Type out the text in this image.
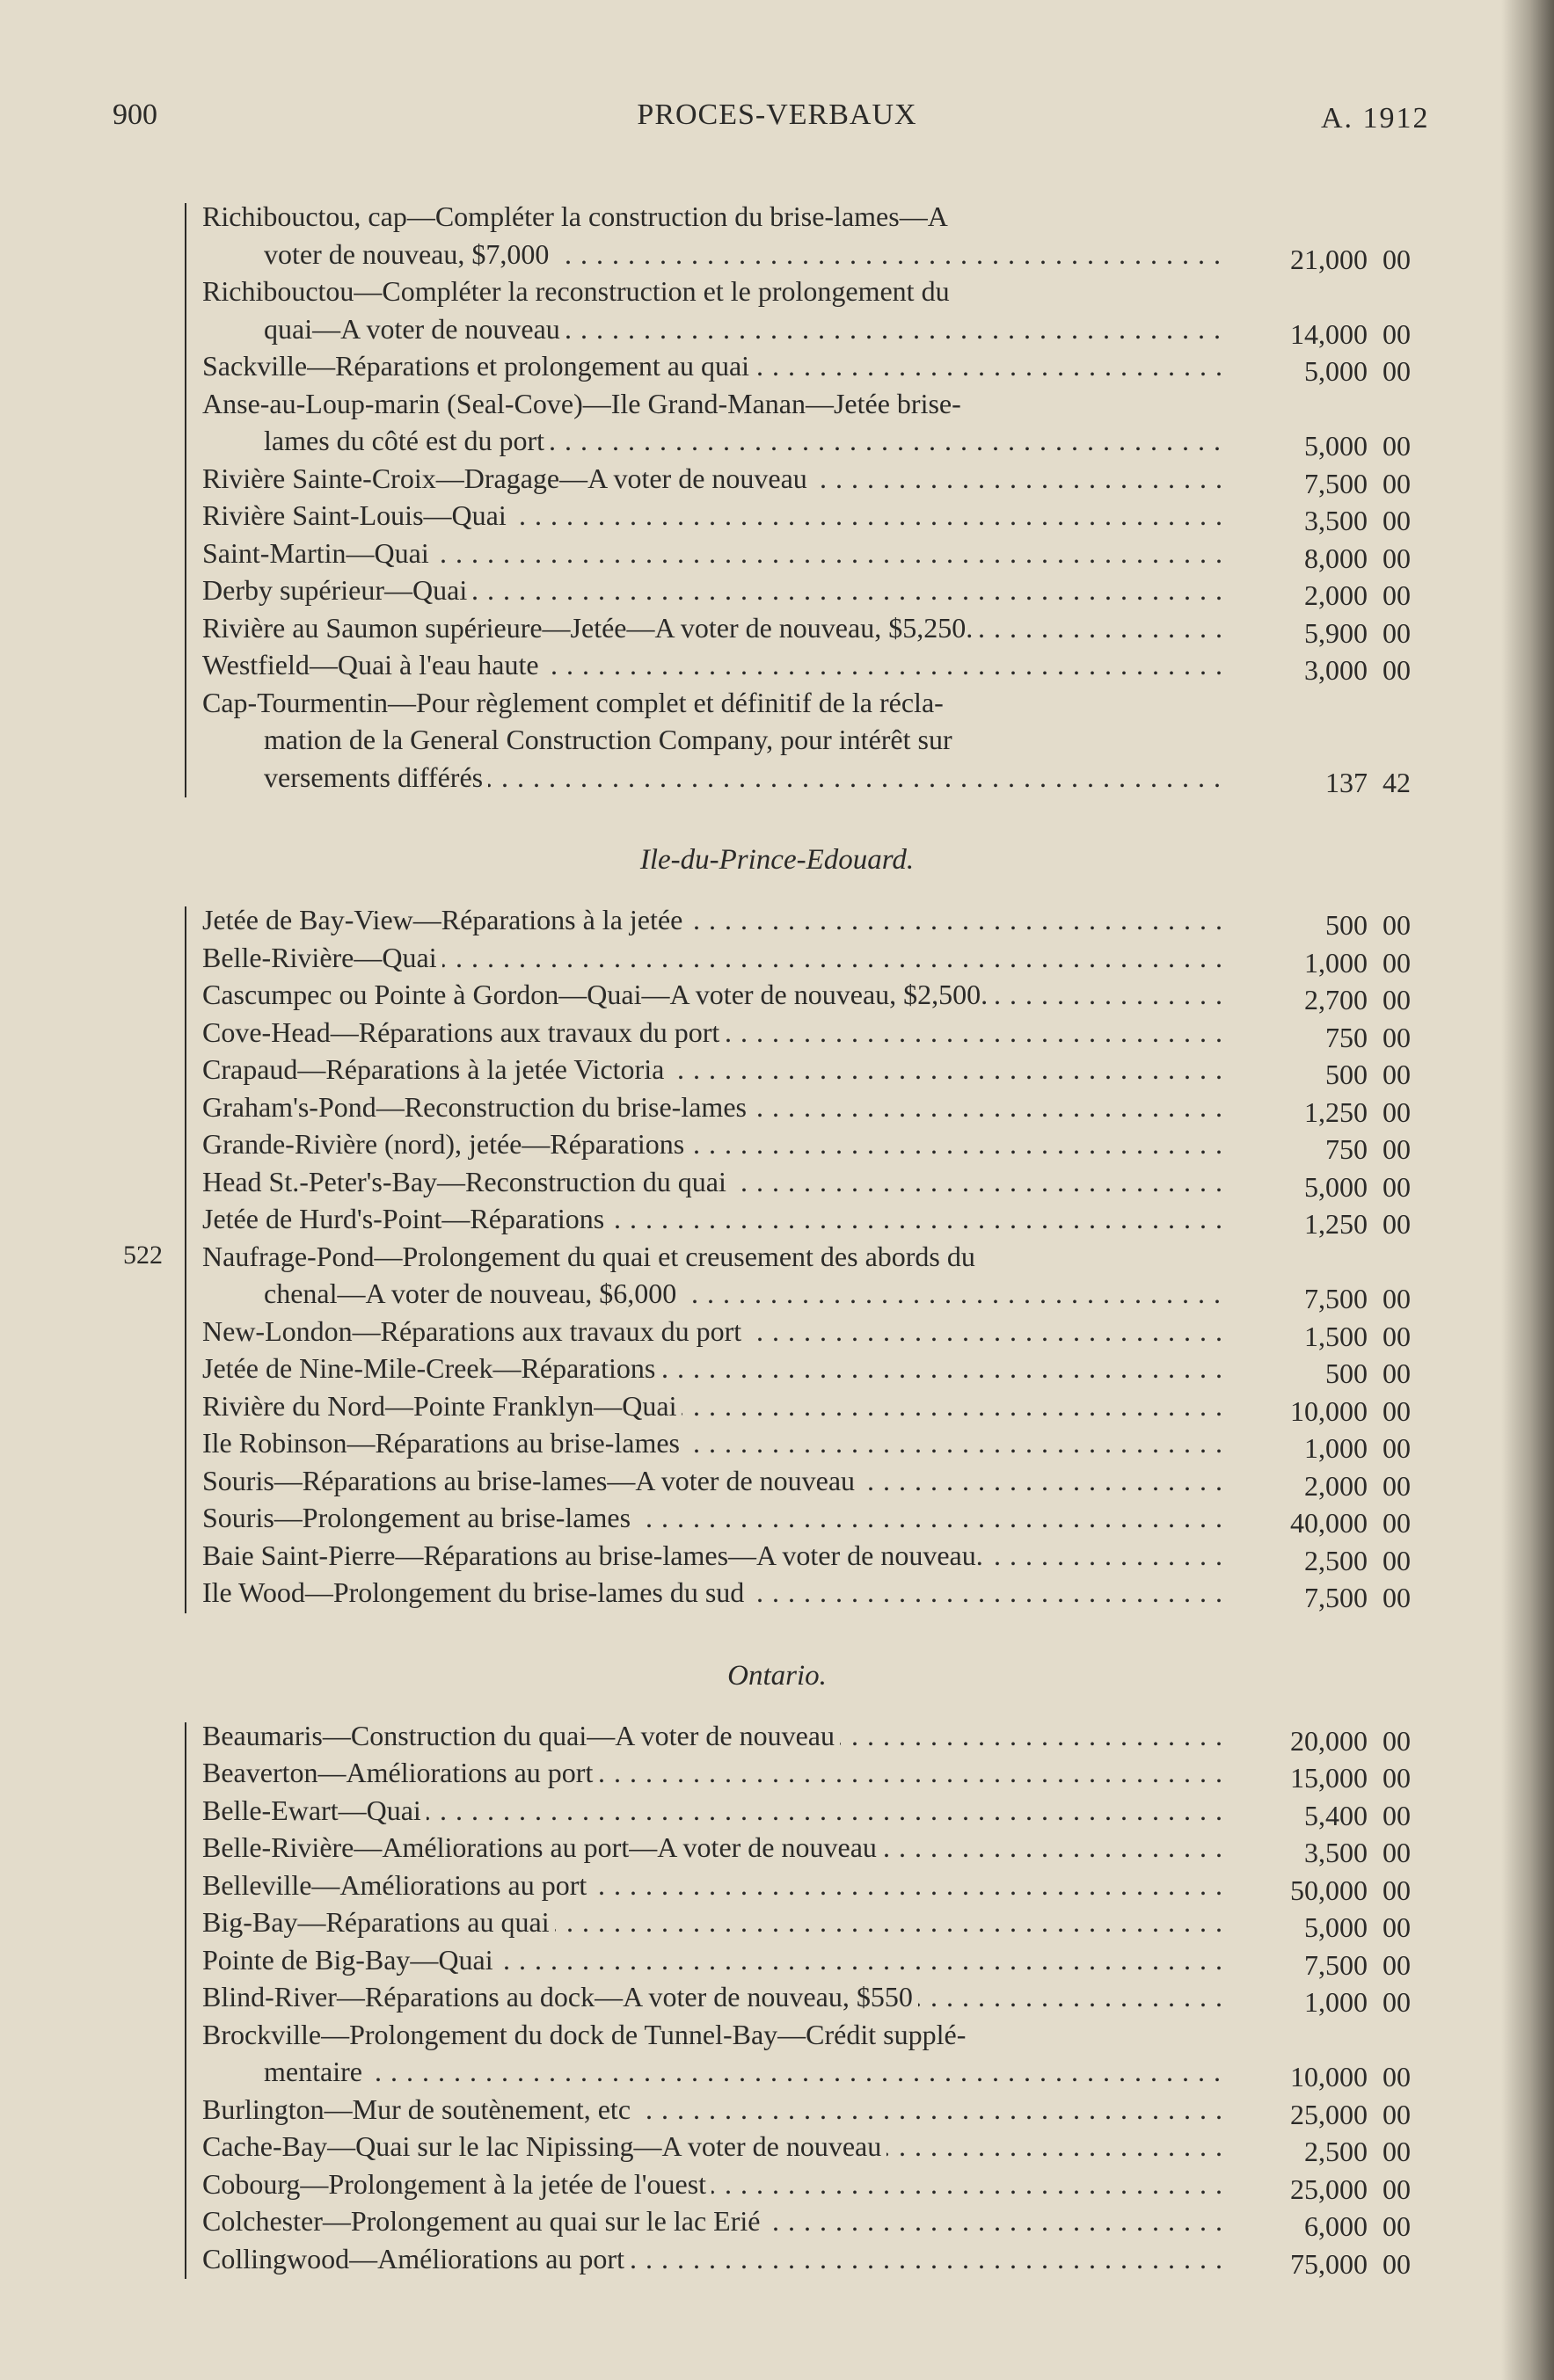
900	PROCES-VERBAUX	A. 1912
Richibouctou, cap—Compléter la construction du brise-lames—A
voter de nouveau, $7,000 . . .	21,000 00
Richibouctou—Compléter la reconstruction et le prolongement du
quai—A voter de nouveau . . .	14,000 00
Sackville—Réparations et prolongement au quai . . .	5,000 00
Anse-au-Loup-marin (Seal-Cove)—Ile Grand-Manan—Jetée brise-
lames du côté est du port . . .	5,000 00
Rivière Sainte-Croix—Dragage—A voter de nouveau . . .	7,500 00
Rivière Saint-Louis—Quai . . .	3,500 00
Saint-Martin—Quai . . .	8,000 00
Derby supérieur—Quai . . .	2,000 00
Rivière au Saumon supérieure—Jetée—A voter de nouveau, $5,250. . . .	5,900 00
Westfield—Quai à l'eau haute . . .	3,000 00
Cap-Tourmentin—Pour règlement complet et définitif de la récla-
mation de la General Construction Company, pour intérêt sur
versements différés . . .	137 42
Ile-du-Prince-Edouard.
Jetée de Bay-View—Réparations à la jetée . . .	500 00
Belle-Rivière—Quai . . .	1,000 00
Cascumpec ou Pointe à Gordon—Quai—A voter de nouveau, $2,500. . . .	2,700 00
Cove-Head—Réparations aux travaux du port . . .	750 00
Crapaud—Réparations à la jetée Victoria . . .	500 00
Graham's-Pond—Reconstruction du brise-lames . . .	1,250 00
Grande-Rivière (nord), jetée—Réparations . . .	750 00
Head St.-Peter's-Bay—Reconstruction du quai . . .	5,000 00
Jetée de Hurd's-Point—Réparations . . .	1,250 00
Naufrage-Pond—Prolongement du quai et creusement des abords du
chenal—A voter de nouveau, $6,000 . . .	7,500 00
New-London—Réparations aux travaux du port . . .	1,500 00
Jetée de Nine-Mile-Creek—Réparations . . .	500 00
Rivière du Nord—Pointe Franklyn—Quai . . .	10,000 00
Ile Robinson—Réparations au brise-lames . . .	1,000 00
Souris—Réparations au brise-lames—A voter de nouveau . . .	2,000 00
Souris—Prolongement au brise-lames . . .	40,000 00
Baie Saint-Pierre—Réparations au brise-lames—A voter de nouveau. . . .	2,500 00
Ile Wood—Prolongement du brise-lames du sud . . .	7,500 00
522
Ontario.
Beaumaris—Construction du quai—A voter de nouveau . . .	20,000 00
Beaverton—Améliorations au port . . .	15,000 00
Belle-Ewart—Quai . . .	5,400 00
Belle-Rivière—Améliorations au port—A voter de nouveau . . .	3,500 00
Belleville—Améliorations au port . . .	50,000 00
Big-Bay—Réparations au quai . . .	5,000 00
Pointe de Big-Bay—Quai . . .	7,500 00
Blind-River—Réparations au dock—A voter de nouveau, $550 . . .	1,000 00
Brockville—Prolongement du dock de Tunnel-Bay—Crédit supplé-
mentaire . . .	10,000 00
Burlington—Mur de soutènement, etc . . .	25,000 00
Cache-Bay—Quai sur le lac Nipissing—A voter de nouveau . . .	2,500 00
Cobourg—Prolongement à la jetée de l'ouest . . .	25,000 00
Colchester—Prolongement au quai sur le lac Erié . . .	6,000 00
Collingwood—Améliorations au port . . .	75,000 00
